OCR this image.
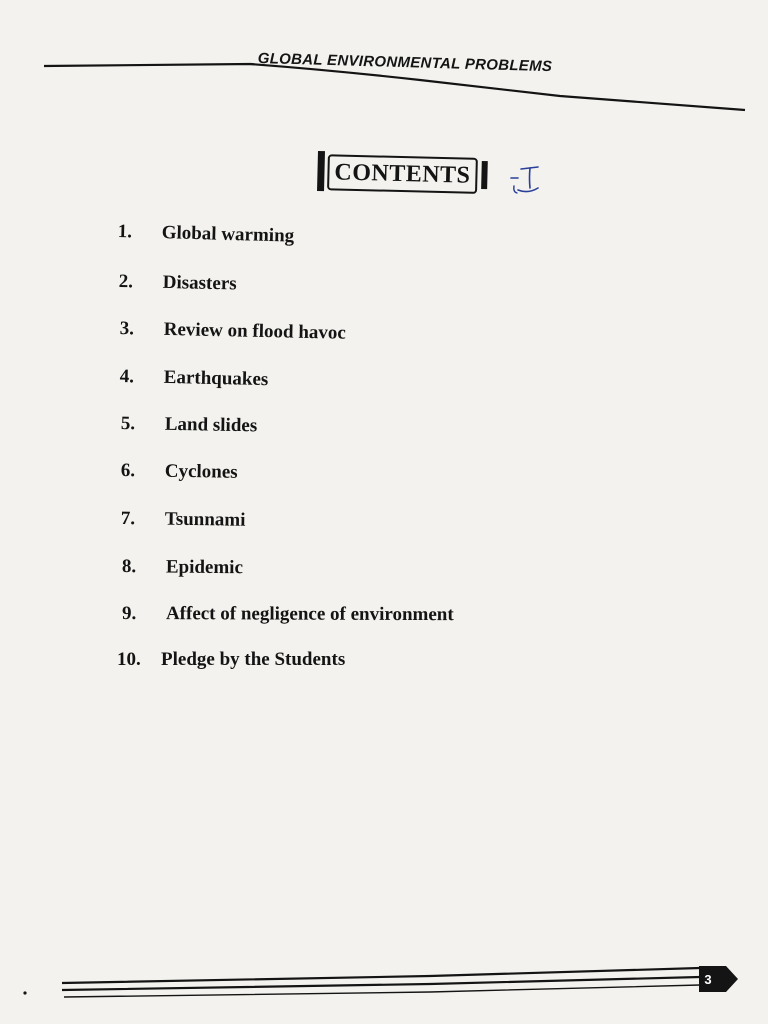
GLOBAL ENVIRONMENTAL PROBLEMS
CONTENTS
1. Global warming
2. Disasters
3. Review on flood havoc
4. Earthquakes
5. Land slides
6. Cyclones
7. Tsunnami
8. Epidemic
9. Affect of negligence of environment
10. Pledge by the Students
3
